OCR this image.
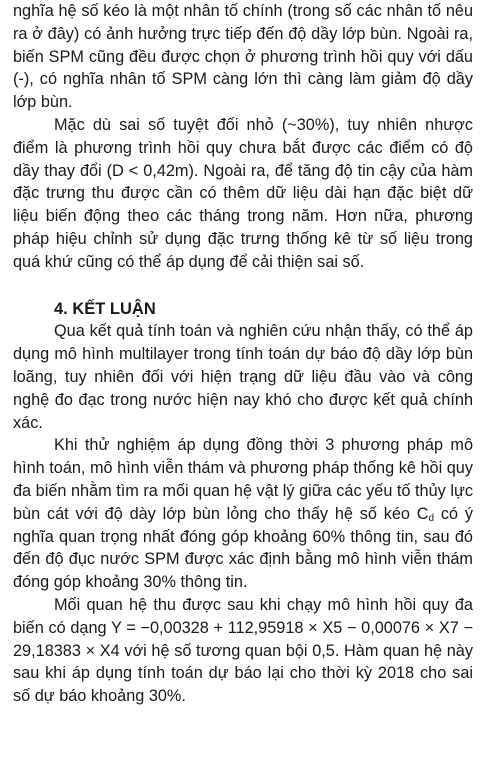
nghĩa hệ số kéo là một nhân tố chính (trong số các nhân tố nêu ra ở đây) có ảnh hưởng trực tiếp đến độ dầy lớp bùn. Ngoài ra, biến SPM cũng đều được chọn ở phương trình hồi quy với dấu (-), có nghĩa nhân tố SPM càng lớn thì càng làm giảm độ dầy lớp bùn.

Mặc dù sai số tuyệt đối nhỏ (~30%), tuy nhiên nhược điểm là phương trình hồi quy chưa bắt được các điểm có độ dầy thay đổi (D < 0,42m). Ngoài ra, để tăng độ tin cậy của hàm đặc trưng thu được cần có thêm dữ liệu dài hạn đặc biệt dữ liệu biến động theo các tháng trong năm. Hơn nữa, phương pháp hiệu chỉnh sử dụng đặc trưng thống kê từ số liệu trong quá khứ cũng có thể áp dụng để cải thiện sai số.

4. KẾT LUẬN

Qua kết quả tính toán và nghiên cứu nhận thấy, có thể áp dụng mô hình multilayer trong tính toán dự báo độ dầy lớp bùn loãng, tuy nhiên đối với hiện trạng dữ liệu đầu vào và công nghệ đo đạc trong nước hiện nay khó cho được kết quả chính xác.

Khi thử nghiệm áp dụng đồng thời 3 phương pháp mô hình toán, mô hình viễn thám và phương pháp thống kê hồi quy đa biến nhằm tìm ra mối quan hệ vật lý giữa các yếu tố thủy lực bùn cát với độ dày lớp bùn lỏng cho thấy hệ số kéo $C_d$ có ý nghĩa quan trọng nhất đóng góp khoảng 60% thông tin, sau đó đến độ đục nước SPM được xác định bằng mô hình viễn thám đóng góp khoảng 30% thông tin.

Mối quan hệ thu được sau khi chạy mô hình hồi quy đa biến có dạng Y = −0,00328 + 112,95918 × X5 − 0,00076 × X7 − 29,18383 × X4 với hệ số tương quan bội 0,5. Hàm quan hệ này sau khi áp dụng tính toán dự báo lại cho thời kỳ 2018 cho sai số dự báo khoảng 30%.
